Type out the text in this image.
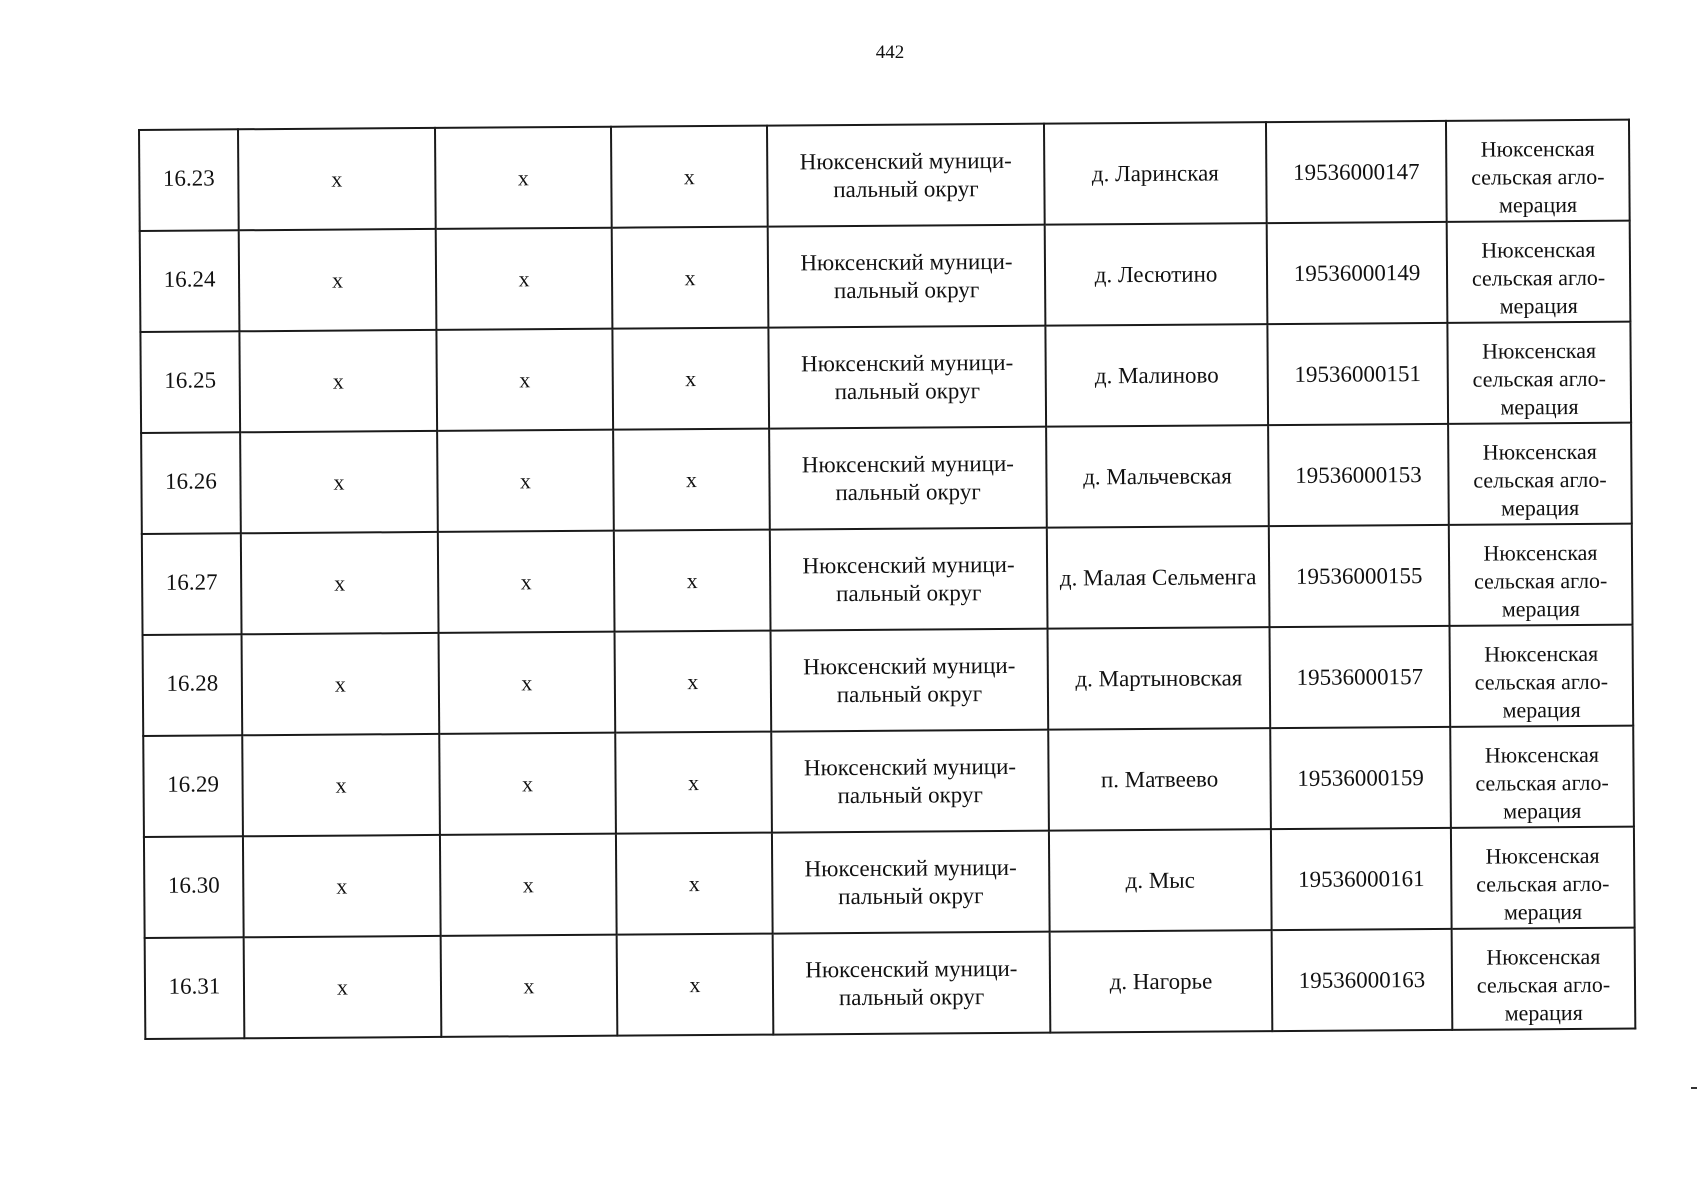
442
16.23	x	x	x	Нюксенский муници-
пальный округ	д. Ларинская	19536000147	Нюксенская
сельская агло-
мерация

16.24	x	x	x	Нюксенский муници-
пальный округ	д. Лесютино	19536000149	Нюксенская
сельская агло-
мерация

16.25	x	x	x	Нюксенский муници-
пальный округ	д. Малиново	19536000151	Нюксенская
сельская агло-
мерация

16.26	x	x	x	Нюксенский муници-
пальный округ	д. Мальчевская	19536000153	Нюксенская
сельская агло-
мерация

16.27	x	x	x	Нюксенский муници-
пальный округ	д. Малая Сельменга	19536000155	Нюксенская
сельская агло-
мерация

16.28	x	x	x	Нюксенский муници-
пальный округ	д. Мартыновская	19536000157	Нюксенская
сельская агло-
мерация

16.29	x	x	x	Нюксенский муници-
пальный округ	п. Матвеево	19536000159	Нюксенская
сельская агло-
мерация

16.30	x	x	x	Нюксенский муници-
пальный округ	д. Мыс	19536000161	Нюксенская
сельская агло-
мерация

16.31	x	x	x	Нюксенский муници-
пальный округ	д. Нагорье	19536000163	Нюксенская
сельская агло-
мерация
